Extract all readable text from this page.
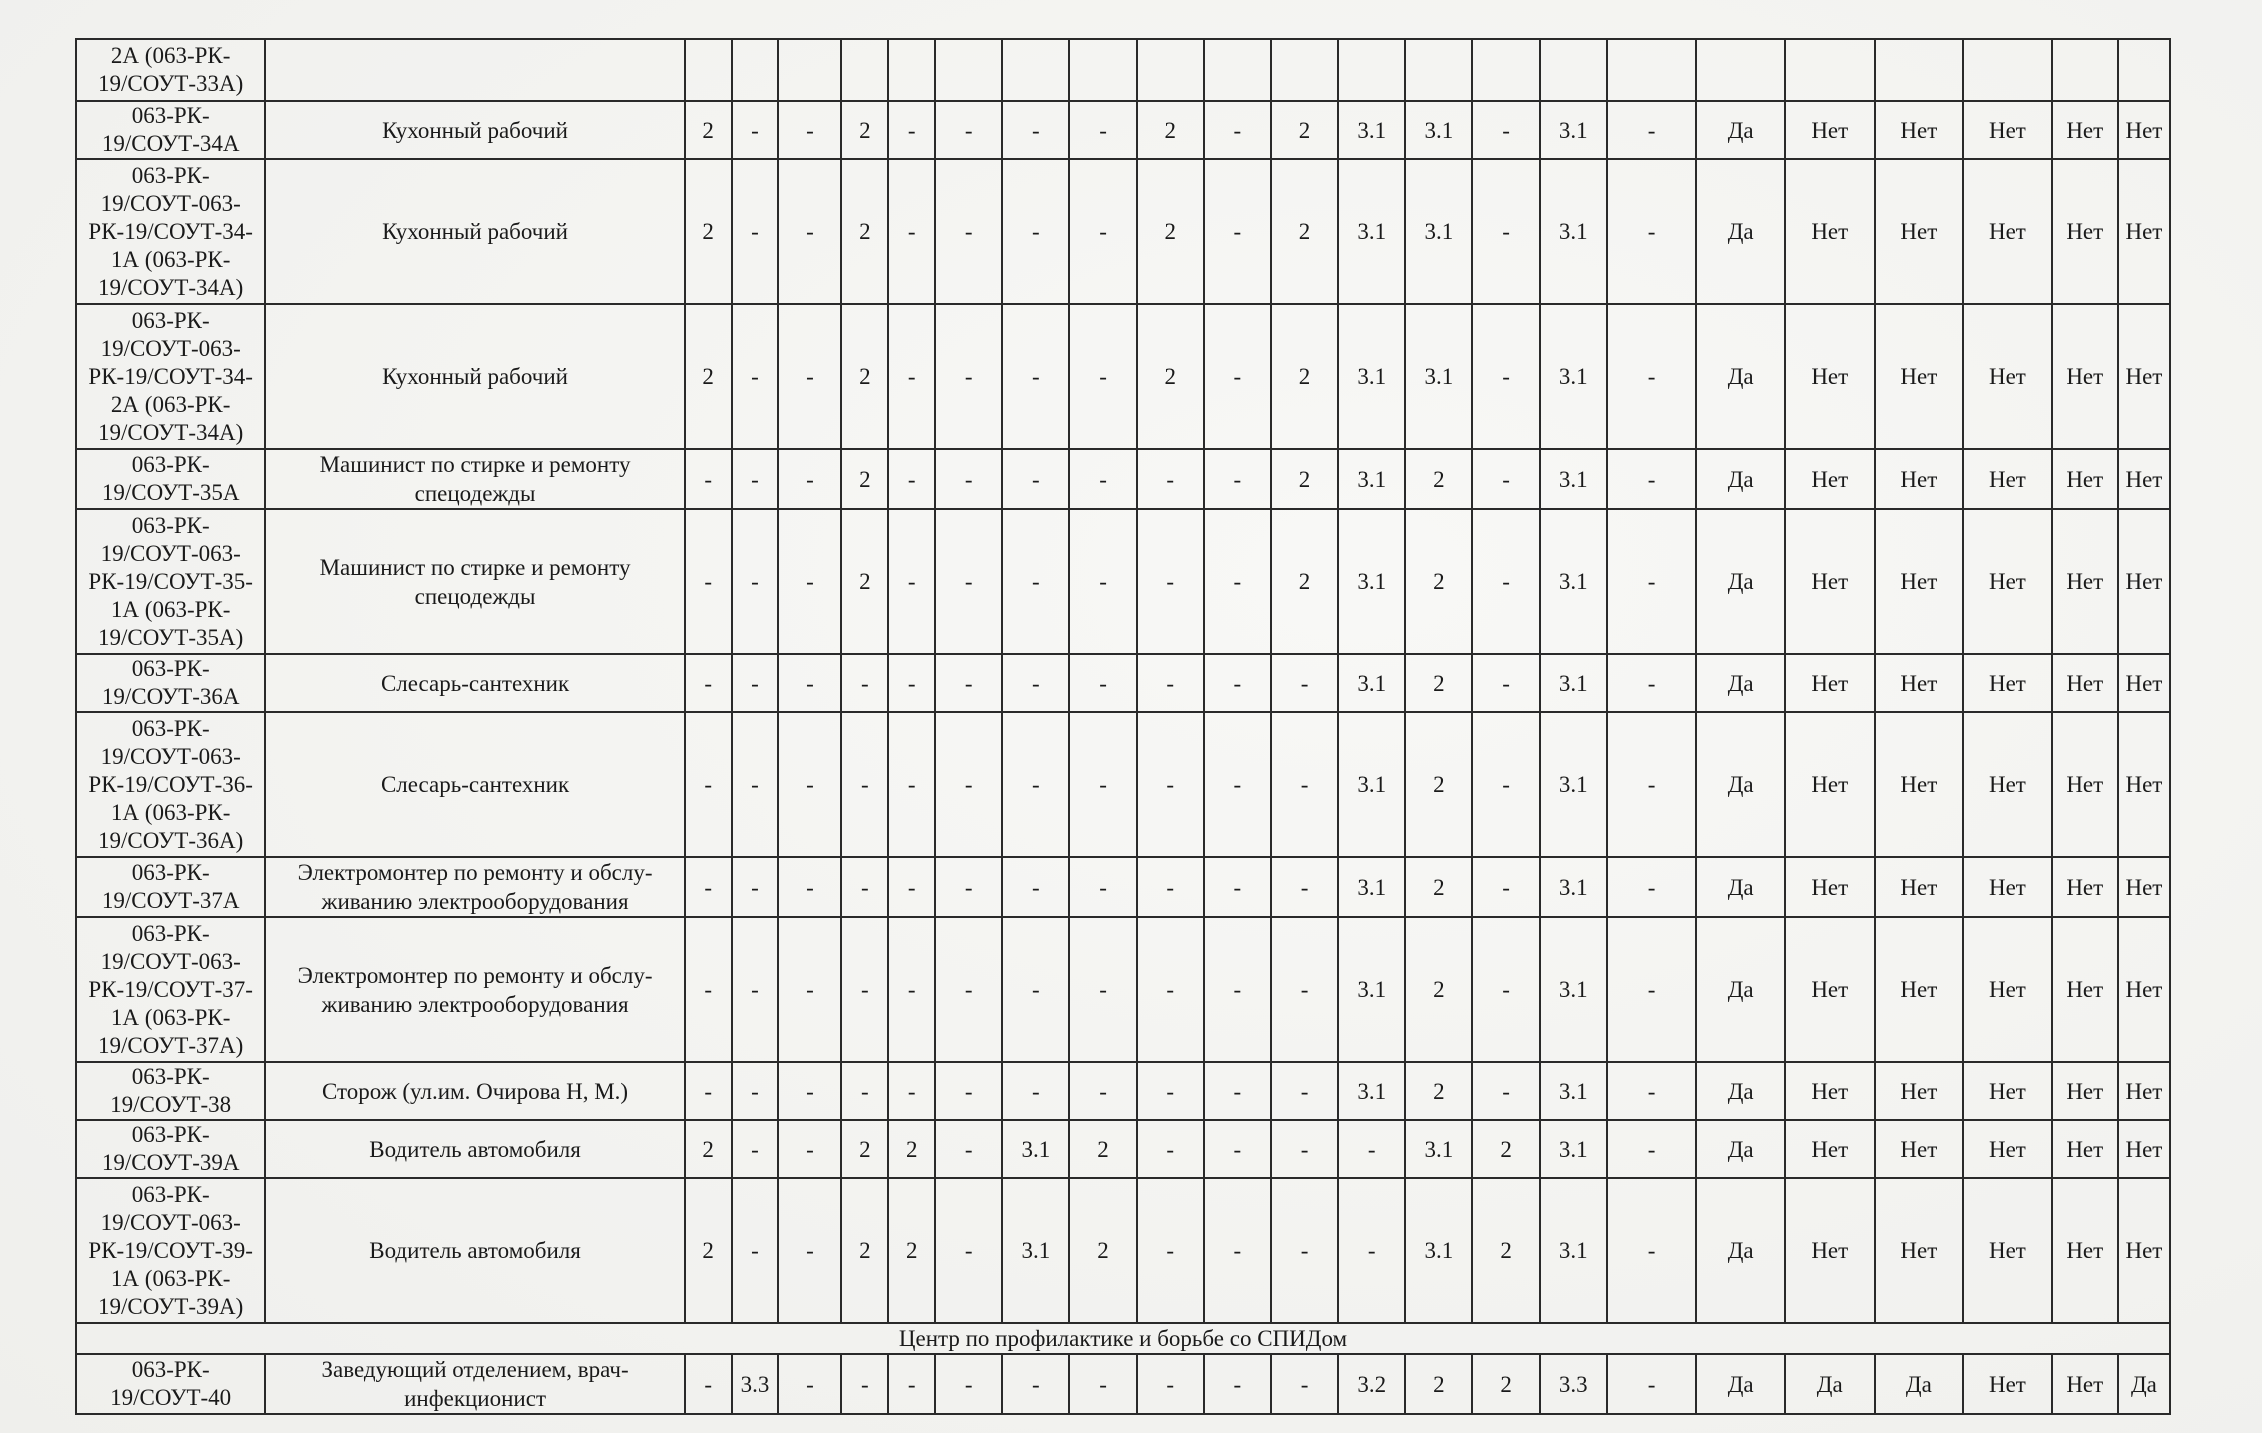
2А (063-РК-
19/СОУТ-33А)																							
063-РК-
19/СОУТ-34А	Кухонный рабочий	2	-	-	2	-	-	-	-	2	-	2	3.1	3.1	-	3.1	-	Да	Нет	Нет	Нет	Нет	Нет
063-РК-
19/СОУТ-063-
РК-19/СОУТ-34-
1А (063-РК-
19/СОУТ-34А)	Кухонный рабочий	2	-	-	2	-	-	-	-	2	-	2	3.1	3.1	-	3.1	-	Да	Нет	Нет	Нет	Нет	Нет
063-РК-
19/СОУТ-063-
РК-19/СОУТ-34-
2А (063-РК-
19/СОУТ-34А)	Кухонный рабочий	2	-	-	2	-	-	-	-	2	-	2	3.1	3.1	-	3.1	-	Да	Нет	Нет	Нет	Нет	Нет
063-РК-
19/СОУТ-35А	Машинист по стирке и ремонту
спецодежды	-	-	-	2	-	-	-	-	-	-	2	3.1	2	-	3.1	-	Да	Нет	Нет	Нет	Нет	Нет
063-РК-
19/СОУТ-063-
РК-19/СОУТ-35-
1А (063-РК-
19/СОУТ-35А)	Машинист по стирке и ремонту
спецодежды	-	-	-	2	-	-	-	-	-	-	2	3.1	2	-	3.1	-	Да	Нет	Нет	Нет	Нет	Нет
063-РК-
19/СОУТ-36А	Слесарь-сантехник	-	-	-	-	-	-	-	-	-	-	-	3.1	2	-	3.1	-	Да	Нет	Нет	Нет	Нет	Нет
063-РК-
19/СОУТ-063-
РК-19/СОУТ-36-
1А (063-РК-
19/СОУТ-36А)	Слесарь-сантехник	-	-	-	-	-	-	-	-	-	-	-	3.1	2	-	3.1	-	Да	Нет	Нет	Нет	Нет	Нет
063-РК-
19/СОУТ-37А	Электромонтер по ремонту и обслу-
живанию электрооборудования	-	-	-	-	-	-	-	-	-	-	-	3.1	2	-	3.1	-	Да	Нет	Нет	Нет	Нет	Нет
063-РК-
19/СОУТ-063-
РК-19/СОУТ-37-
1А (063-РК-
19/СОУТ-37А)	Электромонтер по ремонту и обслу-
живанию электрооборудования	-	-	-	-	-	-	-	-	-	-	-	3.1	2	-	3.1	-	Да	Нет	Нет	Нет	Нет	Нет
063-РК-
19/СОУТ-38	Сторож (ул.им. Очирова Н, М.)	-	-	-	-	-	-	-	-	-	-	-	3.1	2	-	3.1	-	Да	Нет	Нет	Нет	Нет	Нет
063-РК-
19/СОУТ-39А	Водитель автомобиля	2	-	-	2	2	-	3.1	2	-	-	-	-	3.1	2	3.1	-	Да	Нет	Нет	Нет	Нет	Нет
063-РК-
19/СОУТ-063-
РК-19/СОУТ-39-
1А (063-РК-
19/СОУТ-39А)	Водитель автомобиля	2	-	-	2	2	-	3.1	2	-	-	-	-	3.1	2	3.1	-	Да	Нет	Нет	Нет	Нет	Нет
Центр по профилактике и борьбе со СПИДом																							
063-РК-
19/СОУТ-40	Заведующий отделением, врач-
инфекционист	-	3.3	-	-	-	-	-	-	-	-	-	3.2	2	2	3.3	-	Да	Да	Да	Нет	Нет	Да
